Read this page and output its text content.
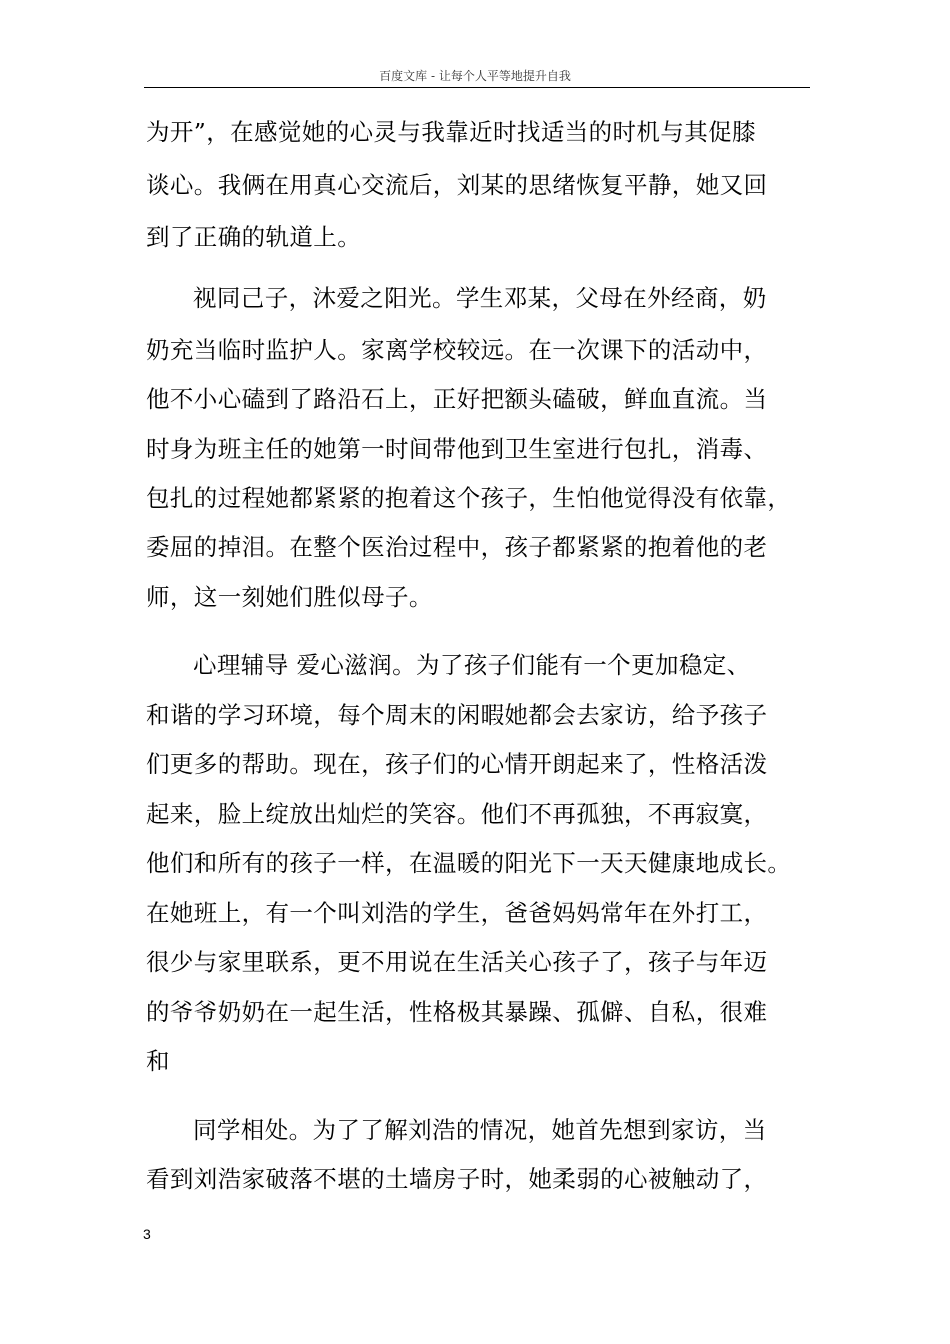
百度文库 - 让每个人平等地提升自我
为开”，在感觉她的心灵与我靠近时找适当的时机与其促膝
谈心。我俩在用真心交流后，刘某的思绪恢复平静，她又回
到了正确的轨道上。
视同己子，沐爱之阳光。学生邓某，父母在外经商，奶
奶充当临时监护人。家离学校较远。在一次课下的活动中，
他不小心磕到了路沿石上，正好把额头磕破，鲜血直流。当
时身为班主任的她第一时间带他到卫生室进行包扎，消毒、
包扎的过程她都紧紧的抱着这个孩子，生怕他觉得没有依靠，
委屈的掉泪。在整个医治过程中，孩子都紧紧的抱着他的老
师，这一刻她们胜似母子。
心理辅导 爱心滋润。为了孩子们能有一个更加稳定、
和谐的学习环境，每个周末的闲暇她都会去家访，给予孩子
们更多的帮助。现在，孩子们的心情开朗起来了，性格活泼
起来，脸上绽放出灿烂的笑容。他们不再孤独，不再寂寞，
他们和所有的孩子一样，在温暖的阳光下一天天健康地成长。
在她班上，有一个叫刘浩的学生，爸爸妈妈常年在外打工，
很少与家里联系，更不用说在生活关心孩子了，孩子与年迈
的爷爷奶奶在一起生活，性格极其暴躁、孤僻、自私，很难
和
同学相处。为了了解刘浩的情况，她首先想到家访，当
看到刘浩家破落不堪的土墙房子时，她柔弱的心被触动了，
3
